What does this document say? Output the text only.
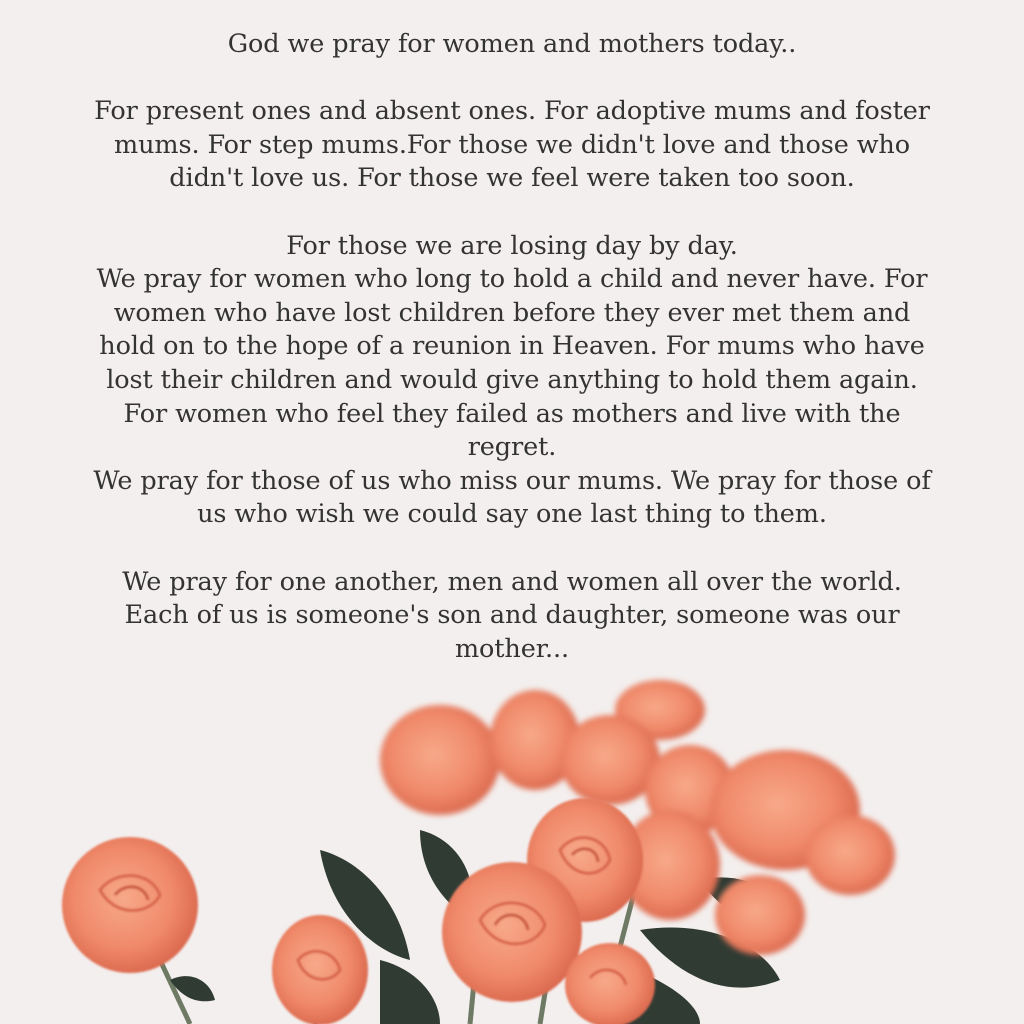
God we pray for women and mothers today..
For present ones and absent ones. For adoptive mums and foster
mums. For step mums.For those we didn't love and those who
didn't love us. For those we feel were taken too soon.
For those we are losing day by day.
We pray for women who long to hold a child and never have. For
women who have lost children before they ever met them and
hold on to the hope of a reunion in Heaven. For mums who have
lost their children and would give anything to hold them again.
For women who feel they failed as mothers and live with the
regret.
We pray for those of us who miss our mums. We pray for those of
us who wish we could say one last thing to them.
We pray for one another, men and women all over the world.
Each of us is someone's son and daughter, someone was our
mother...
